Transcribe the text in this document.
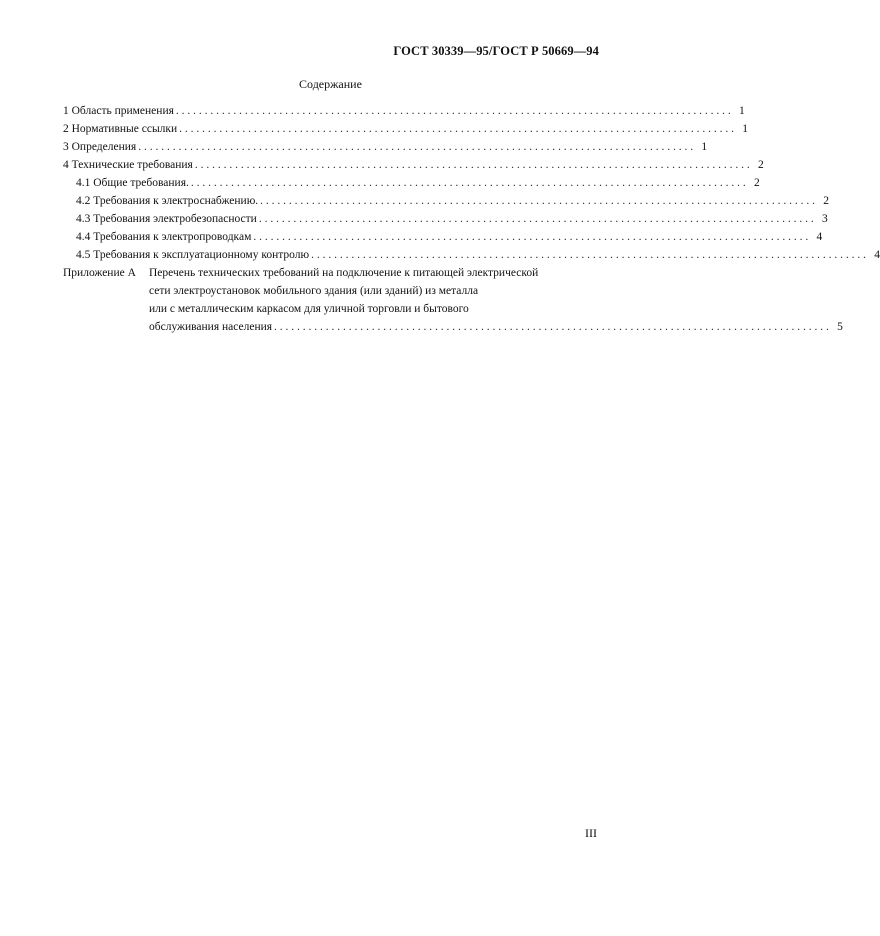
ГОСТ 30339—95/ГОСТ Р 50669—94
Содержание
1 Область применения . . .	1
2 Нормативные ссылки . . .	1
3 Определения . . .	1
4 Технические требования . . .	2
4.1 Общие требования. . . .	2
4.2 Требования к электроснабжению. . . .	2
4.3 Требования электробезопасности . . .	3
4.4 Требования к электропроводкам . . .	4
4.5 Требования к эксплуатационному контролю . . .	4
Приложение А	Перечень технических требований на подключение к питающей электрической
сети электроустановок мобильного здания (или зданий) из металла
или с металлическим каркасом для уличной торговли и бытового
обслуживания населения . . .	5
III
